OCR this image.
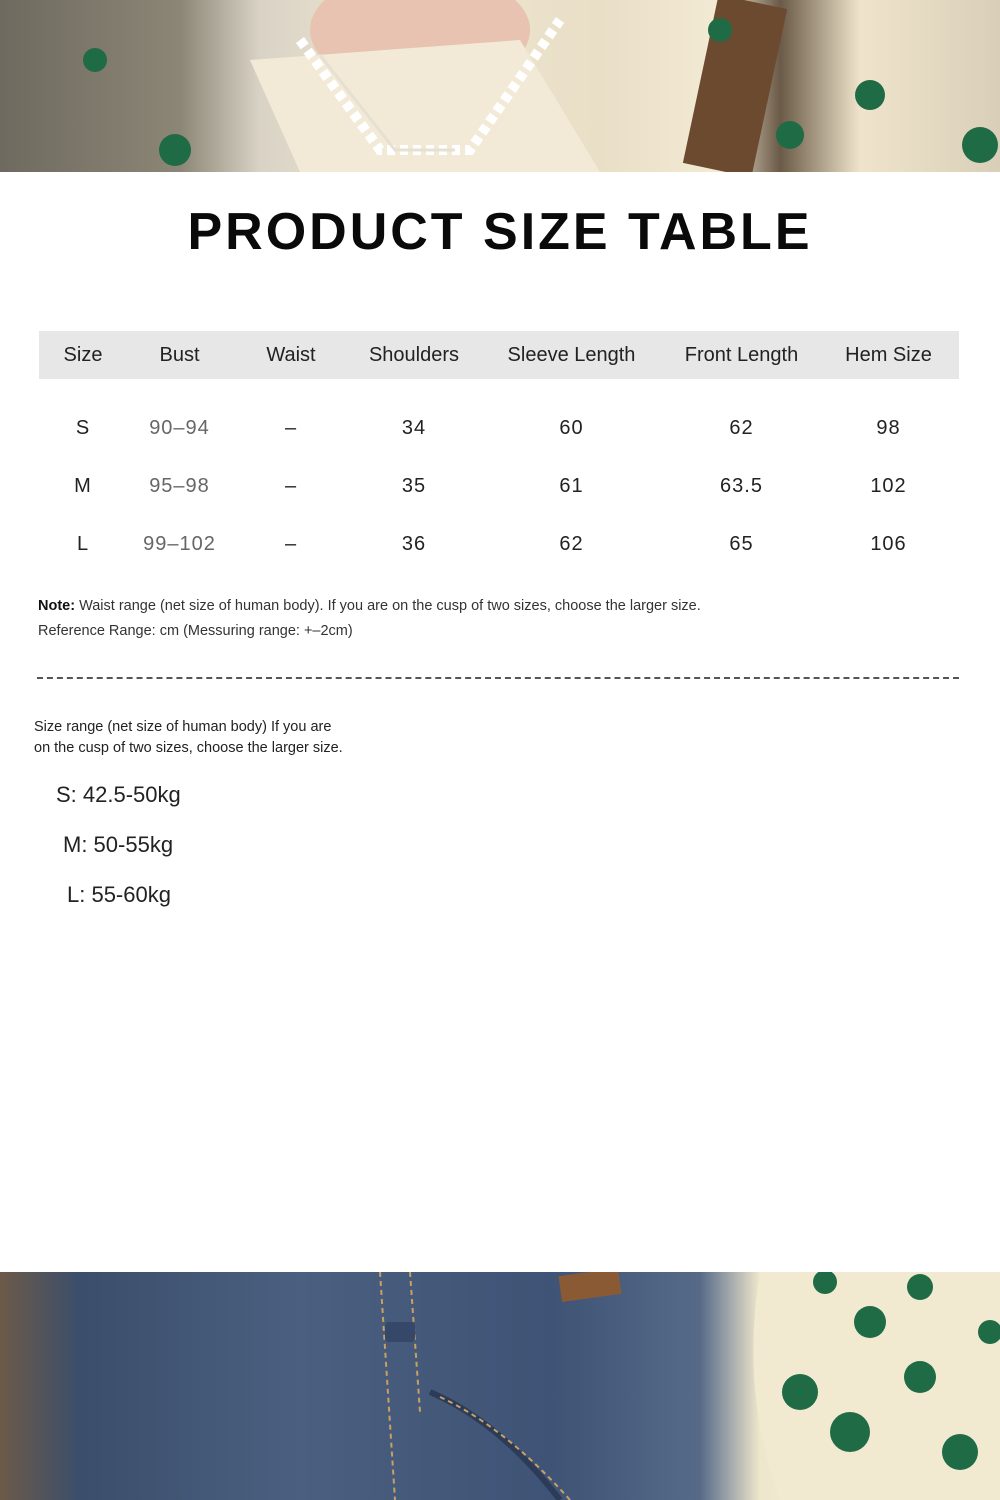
PRODUCT SIZE TABLE
Size	Bust	Waist	Shoulders	Sleeve Length	Front Length	Hem Size

S	90–94	–	34	60	62	98
M	95–98	–	35	61	63.5	102
L	99–102	–	36	62	65	106
Note: Waist range (net size of human body). If you are on the cusp of two sizes, choose the larger size.
Reference Range: cm (Messuring range: +–2cm)
Size range (net size of human body) If you are
on the cusp of two sizes, choose the larger size.
S: 42.5-50kg
M: 50-55kg
L: 55-60kg
